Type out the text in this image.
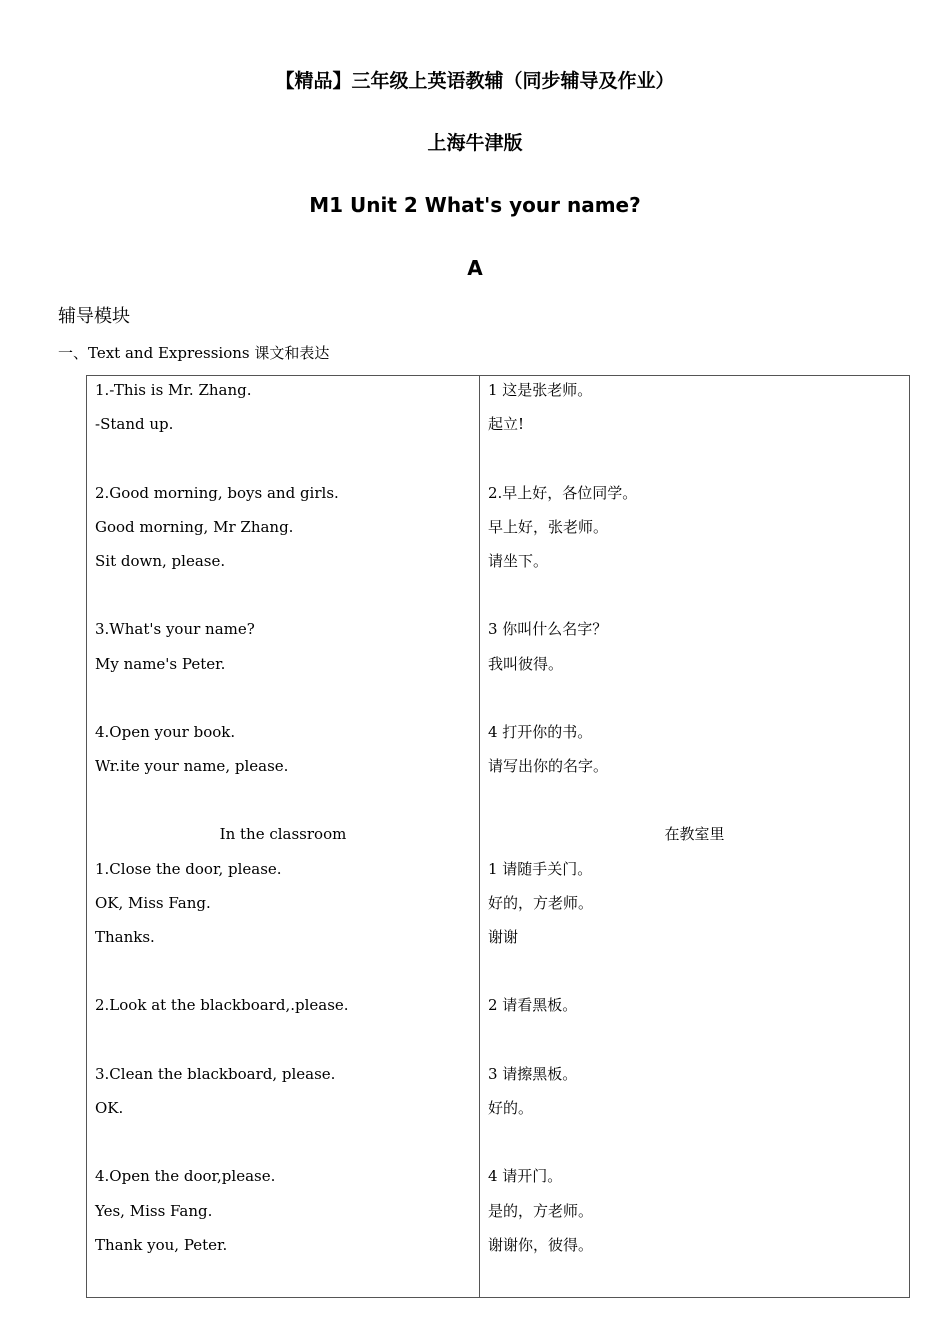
【精品】三年级上英语教辅（同步辅导及作业）
上海牛津版
M1 Unit 2 What's your name?
A

辅导模块

一、Text and Expressions 课文和表达

1.-This is Mr. Zhang.
-Stand up.
2.Good morning, boys and girls.
Good morning, Mr Zhang.
Sit down, please.
3.What's your name?
My name's Peter.
4.Open your book.
Wr.ite your name, please.
In the classroom
1.Close the door, please.
OK, Miss Fang.
Thanks.
2.Look at the blackboard,.please.
3.Clean the blackboard, please.
OK.
4.Open the door,please.
Yes, Miss Fang.
Thank you, Peter.
1 这是张老师。
起立!
2.早上好，各位同学。
早上好，张老师。
请坐下。
3 你叫什么名字？
我叫彼得。
4 打开你的书。
请写出你的名字。
在教室里
1 请随手关门。
好的，方老师。
谢谢
2 请看黑板。
3 请擦黑板。
好的。
4 请开门。
是的，方老师。
谢谢你，彼得。
